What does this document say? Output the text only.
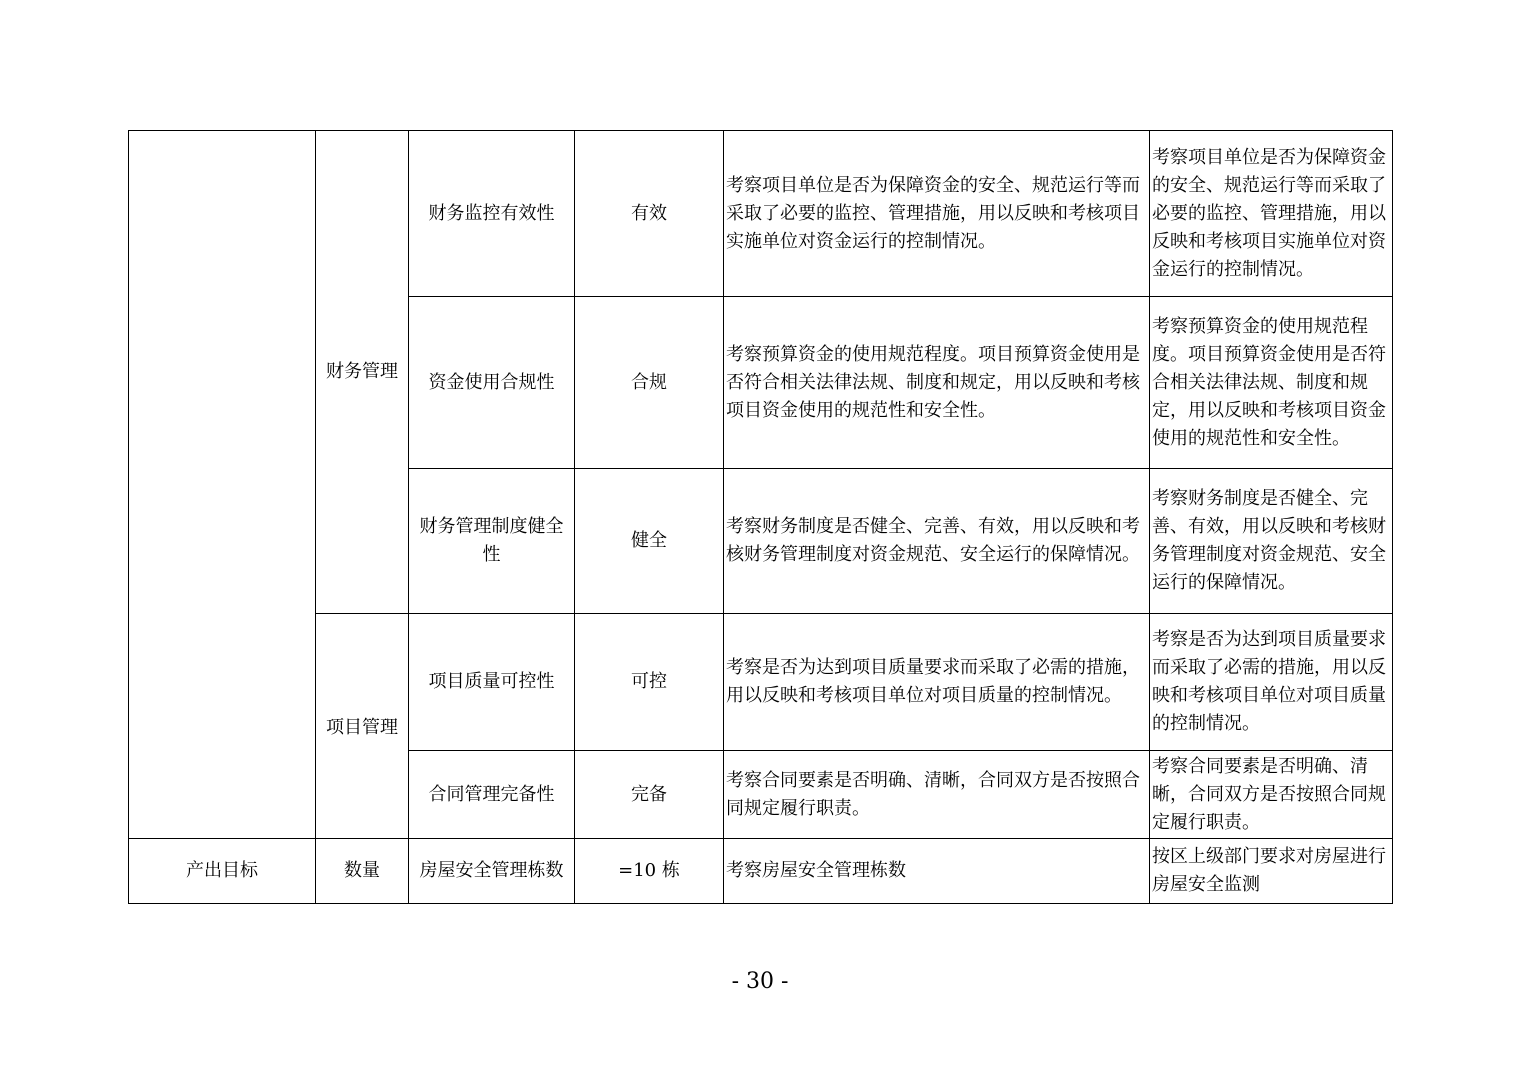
	财务管理	财务监控有效性	有效	考察项目单位是否为保障资金的安全、规范运行等而采取了必要的监控、管理措施，用以反映和考核项目实施单位对资金运行的控制情况。	考察项目单位是否为保障资金的安全、规范运行等而采取了必要的监控、管理措施，用以反映和考核项目实施单位对资金运行的控制情况。
		资金使用合规性	合规	考察预算资金的使用规范程度。项目预算资金使用是否符合相关法律法规、制度和规定，用以反映和考核项目资金使用的规范性和安全性。	考察预算资金的使用规范程度。项目预算资金使用是否符合相关法律法规、制度和规定，用以反映和考核项目资金使用的规范性和安全性。
		财务管理制度健全性	健全	考察财务制度是否健全、完善、有效，用以反映和考核财务管理制度对资金规范、安全运行的保障情况。	考察财务制度是否健全、完善、有效，用以反映和考核财务管理制度对资金规范、安全运行的保障情况。
	项目管理	项目质量可控性	可控	考察是否为达到项目质量要求而采取了必需的措施，用以反映和考核项目单位对项目质量的控制情况。	考察是否为达到项目质量要求而采取了必需的措施，用以反映和考核项目单位对项目质量的控制情况。
		合同管理完备性	完备	考察合同要素是否明确、清晰，合同双方是否按照合同规定履行职责。	考察合同要素是否明确、清晰，合同双方是否按照合同规定履行职责。
产出目标	数量	房屋安全管理栋数	=10 栋	考察房屋安全管理栋数	按区上级部门要求对房屋进行房屋安全监测
- 30 -
